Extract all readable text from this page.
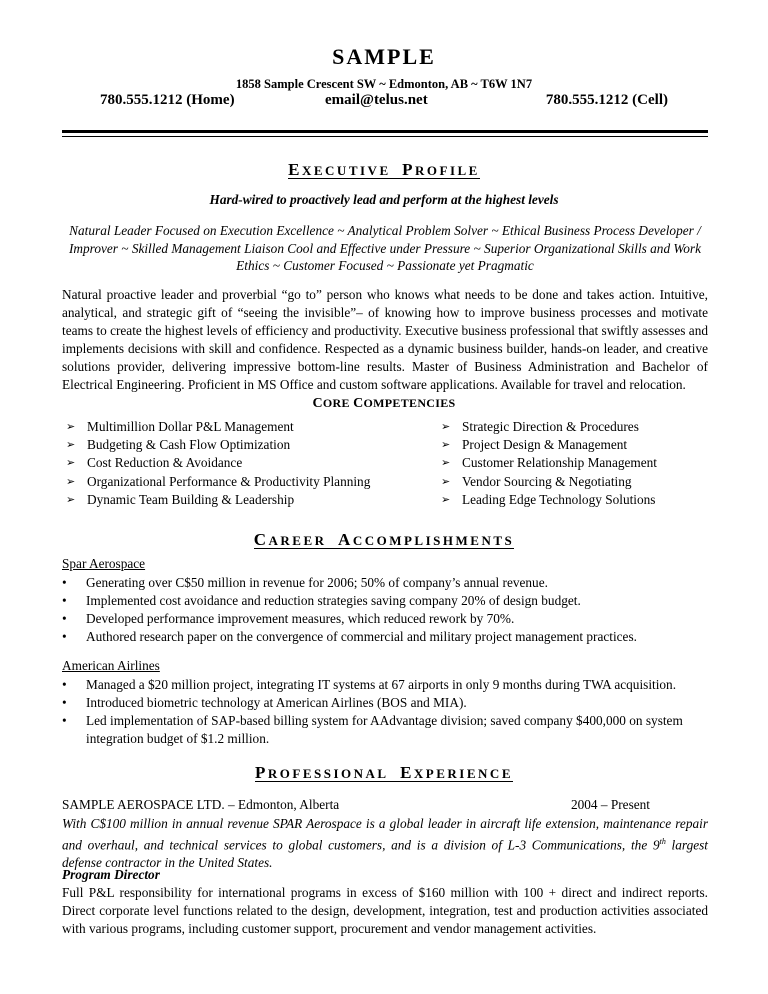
SAMPLE
1858 Sample Crescent SW ~ Edmonton, AB ~ T6W 1N7
780.555.1212 (Home)	email@telus.net	780.555.1212 (Cell)
EXECUTIVE PROFILE
Hard-wired to proactively lead and perform at the highest levels
Natural Leader Focused on Execution Excellence ~ Analytical Problem Solver ~ Ethical Business Process Developer / Improver ~ Skilled Management Liaison Cool and Effective under Pressure ~ Superior Organizational Skills and Work Ethics ~ Customer Focused ~ Passionate yet Pragmatic
Natural proactive leader and proverbial “go to” person who knows what needs to be done and takes action. Intuitive, analytical, and strategic gift of “seeing the invisible”– of knowing how to improve business processes and motivate teams to create the highest levels of efficiency and productivity. Executive business professional that swiftly assesses and implements decisions with skill and confidence. Respected as a dynamic business builder, hands-on leader, and creative solutions provider, delivering impressive bottom-line results. Master of Business Administration and Bachelor of Electrical Engineering. Proficient in MS Office and custom software applications. Available for travel and relocation.
CORE COMPETENCIES
➢ Multimillion Dollar P&L Management
➢ Budgeting & Cash Flow Optimization
➢ Cost Reduction & Avoidance
➢ Organizational Performance & Productivity Planning
➢ Dynamic Team Building & Leadership
➢ Strategic Direction & Procedures
➢ Project Design & Management
➢ Customer Relationship Management
➢ Vendor Sourcing & Negotiating
➢ Leading Edge Technology Solutions
CAREER ACCOMPLISHMENTS
Spar Aerospace
• Generating over C$50 million in revenue for 2006; 50% of company’s annual revenue.
• Implemented cost avoidance and reduction strategies saving company 20% of design budget.
• Developed performance improvement measures, which reduced rework by 70%.
• Authored research paper on the convergence of commercial and military project management practices.
American Airlines
• Managed a $20 million project, integrating IT systems at 67 airports in only 9 months during TWA acquisition.
• Introduced biometric technology at American Airlines (BOS and MIA).
• Led implementation of SAP-based billing system for AAdvantage division; saved company $400,000 on system integration budget of $1.2 million.
PROFESSIONAL EXPERIENCE
SAMPLE AEROSPACE LTD. – Edmonton, Alberta	2004 – Present
With C$100 million in annual revenue SPAR Aerospace is a global leader in aircraft life extension, maintenance repair and overhaul, and technical services to global customers, and is a division of L-3 Communications, the 9th largest defense contractor in the United States.
Program Director
Full P&L responsibility for international programs in excess of $160 million with 100 + direct and indirect reports. Direct corporate level functions related to the design, development, integration, test and production activities associated with various programs, including customer support, procurement and vendor management activities.
